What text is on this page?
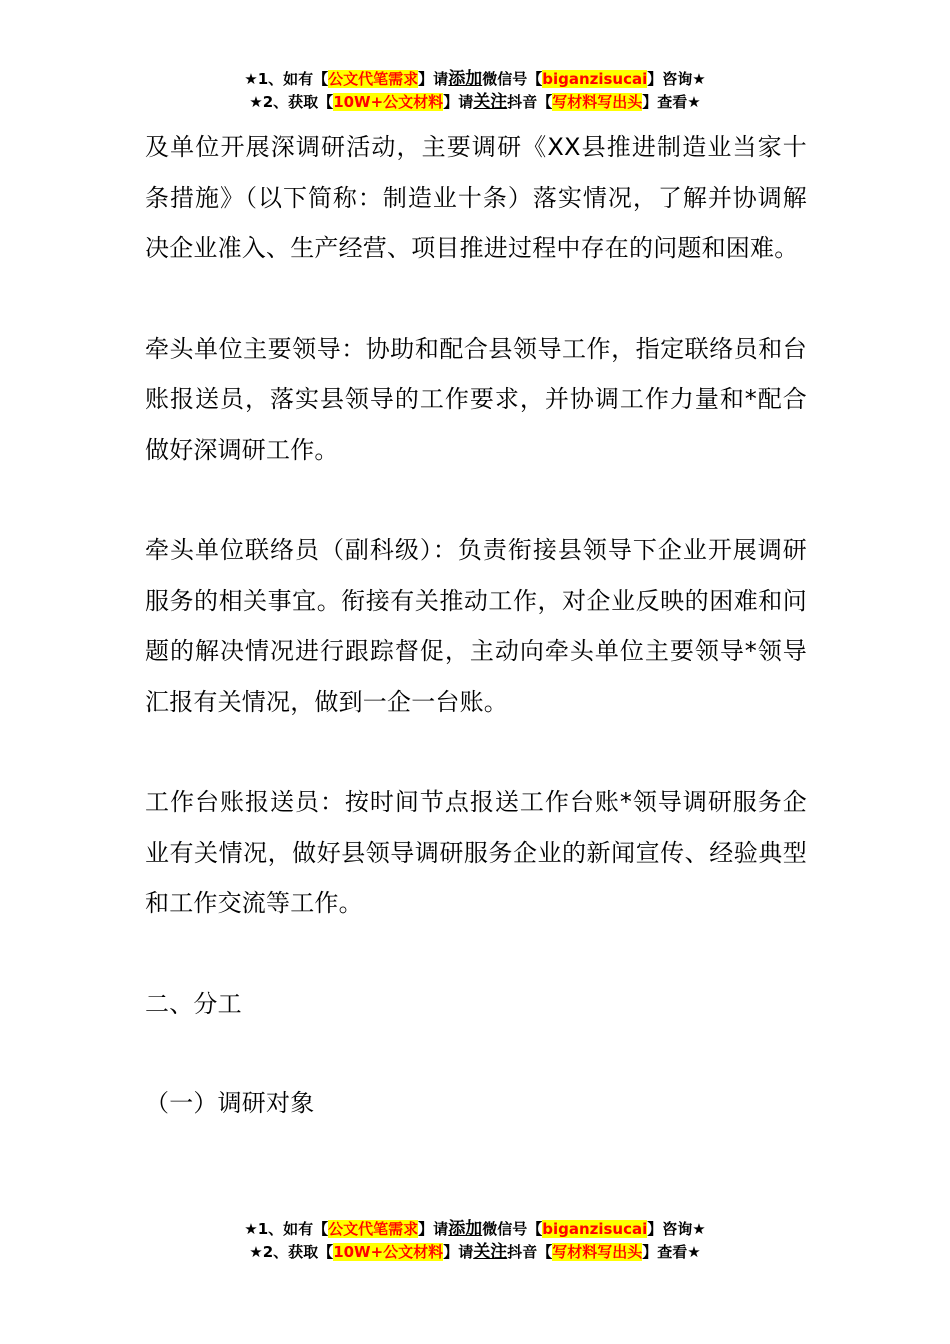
★1、如有【公文代笔需求】请添加微信号【biganzisucai】咨询★
★2、获取【10W+公文材料】请关注抖音【写材料写出头】查看★

及单位开展深调研活动，主要调研《XX县推进制造业当家十条措施》（以下简称：制造业十条）落实情况，了解并协调解决企业准入、生产经营、项目推进过程中存在的问题和困难。

牵头单位主要领导：协助和配合县领导工作，指定联络员和台账报送员，落实县领导的工作要求，并协调工作力量和*配合做好深调研工作。

牵头单位联络员（副科级）：负责衔接县领导下企业开展调研服务的相关事宜。衔接有关推动工作，对企业反映的困难和问题的解决情况进行跟踪督促，主动向牵头单位主要领导*领导汇报有关情况，做到一企一台账。

工作台账报送员：按时间节点报送工作台账*领导调研服务企业有关情况，做好县领导调研服务企业的新闻宣传、经验典型和工作交流等工作。

二、分工

（一）调研对象

★1、如有【公文代笔需求】请添加微信号【biganzisucai】咨询★
★2、获取【10W+公文材料】请关注抖音【写材料写出头】查看★
